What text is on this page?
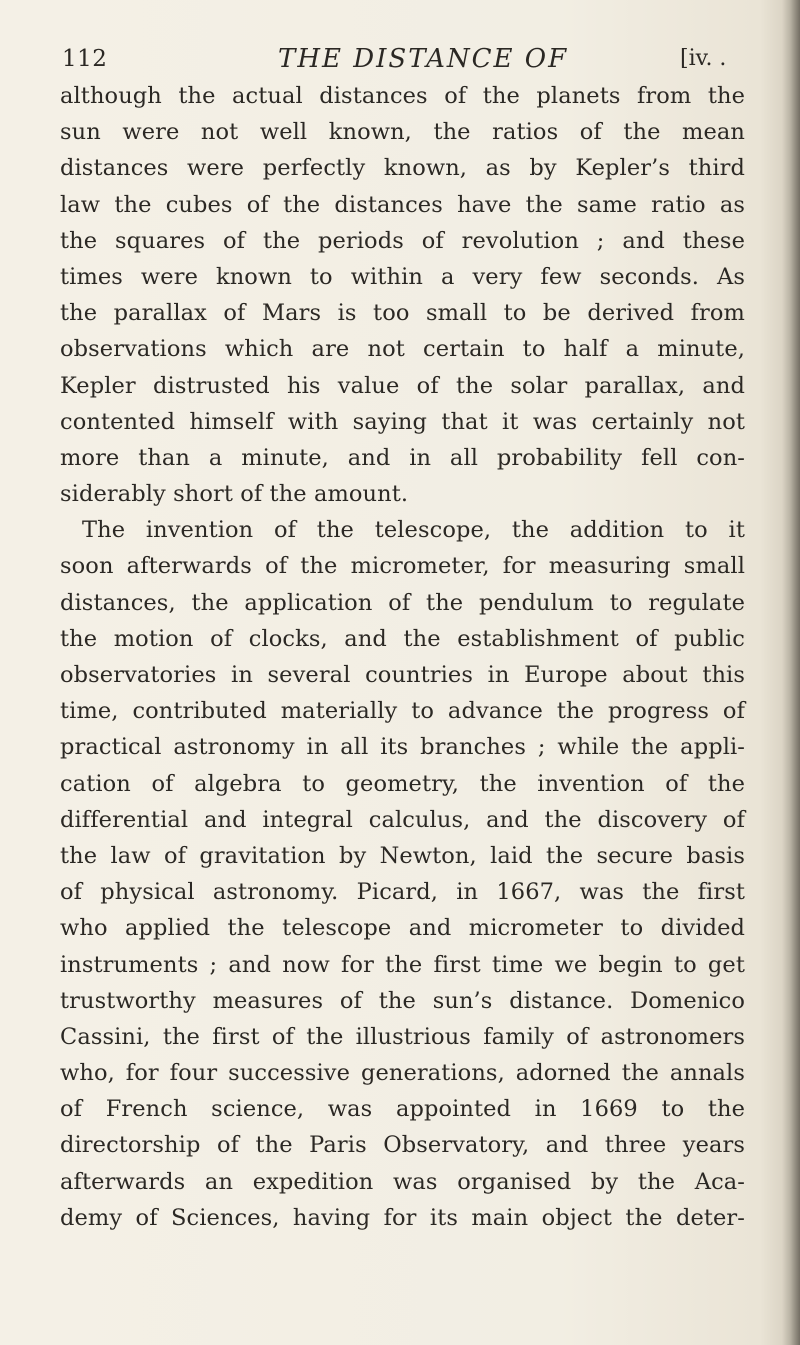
112	THE DISTANCE OF	[iv. .
although the actual distances of the planets from the
sun were not well known, the ratios of the mean
distances were perfectly known, as by Kepler’s third
law the cubes of the distances have the same ratio as
the squares of the periods of revolution ; and these
times were known to within a very few seconds. As
the parallax of Mars is too small to be derived from
observations which are not certain to half a minute,
Kepler distrusted his value of the solar parallax, and
contented himself with saying that it was certainly not
more than a minute, and in all probability fell con-
siderably short of the amount.
The invention of the telescope, the addition to it
soon afterwards of the micrometer, for measuring small
distances, the application of the pendulum to regulate
the motion of clocks, and the establishment of public
observatories in several countries in Europe about this
time, contributed materially to advance the progress of
practical astronomy in all its branches ; while the appli-
cation of algebra to geometry, the invention of the
differential and integral calculus, and the discovery of
the law of gravitation by Newton, laid the secure basis
of physical astronomy. Picard, in 1667, was the first
who applied the telescope and micrometer to divided
instruments ; and now for the first time we begin to get
trustworthy measures of the sun’s distance. Domenico
Cassini, the first of the illustrious family of astronomers
who, for four successive generations, adorned the annals
of French science, was appointed in 1669 to the
directorship of the Paris Observatory, and three years
afterwards an expedition was organised by the Aca-
demy of Sciences, having for its main object the deter-
